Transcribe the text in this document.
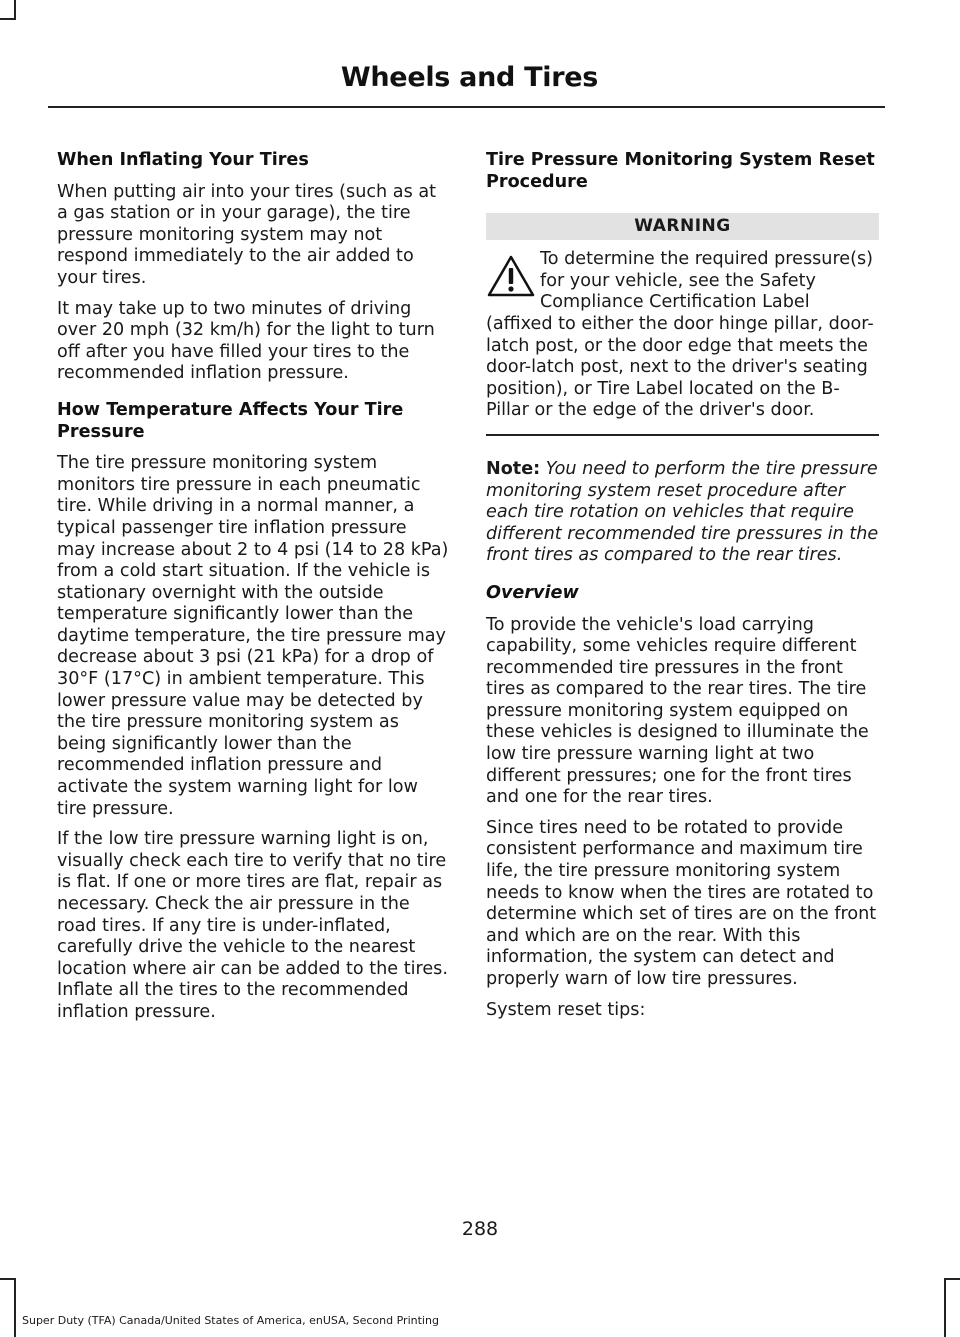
Wheels and Tires
When Inflating Your Tires

When putting air into your tires (such as at a gas station or in your garage), the tire pressure monitoring system may not respond immediately to the air added to your tires.

It may take up to two minutes of driving over 20 mph (32 km/h) for the light to turn off after you have filled your tires to the recommended inflation pressure.

How Temperature Affects Your Tire Pressure

The tire pressure monitoring system monitors tire pressure in each pneumatic tire. While driving in a normal manner, a typical passenger tire inflation pressure may increase about 2 to 4 psi (14 to 28 kPa) from a cold start situation. If the vehicle is stationary overnight with the outside temperature significantly lower than the daytime temperature, the tire pressure may decrease about 3 psi (21 kPa) for a drop of 30°F (17°C) in ambient temperature. This lower pressure value may be detected by the tire pressure monitoring system as being significantly lower than the recommended inflation pressure and activate the system warning light for low tire pressure.

If the low tire pressure warning light is on, visually check each tire to verify that no tire is flat. If one or more tires are flat, repair as necessary. Check the air pressure in the road tires. If any tire is under-inflated, carefully drive the vehicle to the nearest location where air can be added to the tires. Inflate all the tires to the recommended inflation pressure.

Tire Pressure Monitoring System Reset Procedure
WARNING
To determine the required pressure(s) for your vehicle, see the Safety Compliance Certification Label (affixed to either the door hinge pillar, door-latch post, or the door edge that meets the door-latch post, next to the driver's seating position), or Tire Label located on the B-Pillar or the edge of the driver's door.

Note: You need to perform the tire pressure monitoring system reset procedure after each tire rotation on vehicles that require different recommended tire pressures in the front tires as compared to the rear tires.

Overview

To provide the vehicle's load carrying capability, some vehicles require different recommended tire pressures in the front tires as compared to the rear tires. The tire pressure monitoring system equipped on these vehicles is designed to illuminate the low tire pressure warning light at two different pressures; one for the front tires and one for the rear tires.

Since tires need to be rotated to provide consistent performance and maximum tire life, the tire pressure monitoring system needs to know when the tires are rotated to determine which set of tires are on the front and which are on the rear. With this information, the system can detect and properly warn of low tire pressures.

System reset tips:

288
Super Duty (TFA) Canada/United States of America, enUSA, Second Printing
